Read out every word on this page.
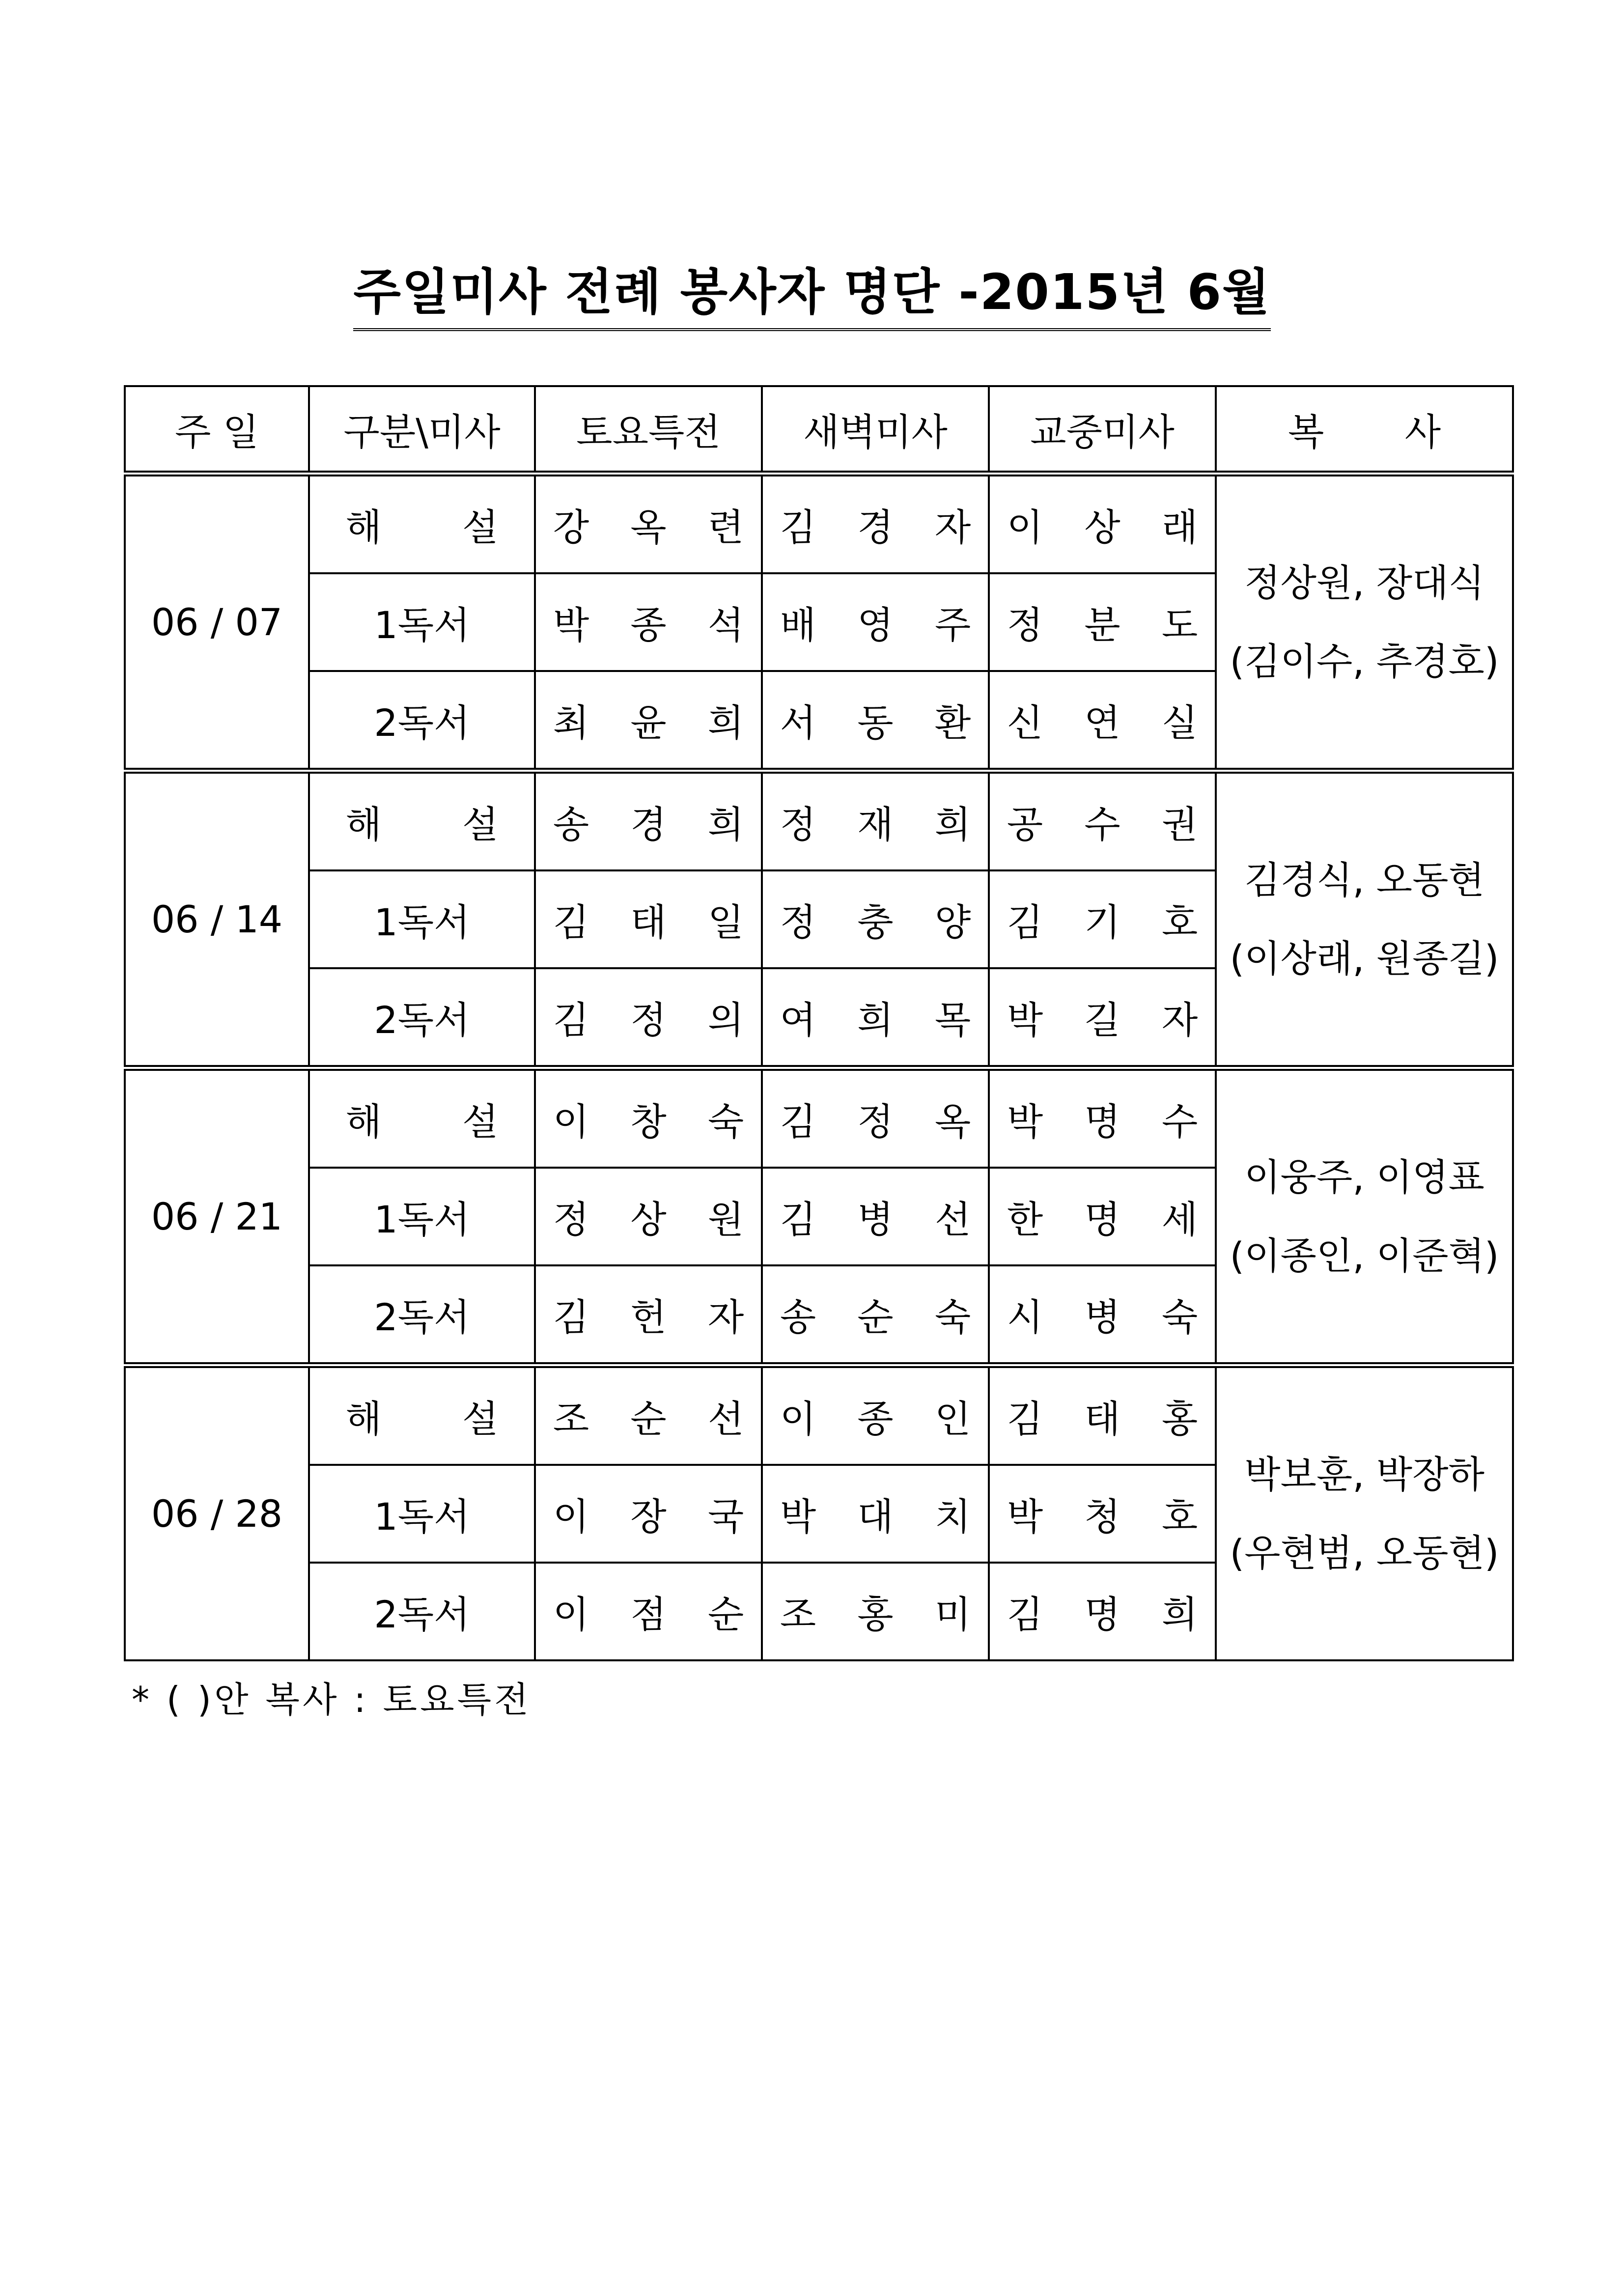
주일미사 전례 봉사자 명단 -2015년 6월
주 일	구분\미사	토요특전	새벽미사	교중미사	복 사
06 / 07	해 설	강 옥 련	김 경 자	이 상 래	정상원, 장대식
(김이수, 추경호)

	1독서	박 종 석	배 영 주	정 분 도	
	2독서	최 윤 희	서 동 환	신 연 실	
06 / 14	해 설	송 경 희	정 재 희	공 수 권	김경식, 오동현
(이상래, 원종길)

	1독서	김 태 일	정 충 양	김 기 호	
	2독서	김 정 의	여 희 목	박 길 자	
06 / 21	해 설	이 창 숙	김 정 옥	박 명 수	이웅주, 이영표
(이종인, 이준혁)

	1독서	정 상 원	김 병 선	한 명 세	
	2독서	김 헌 자	송 순 숙	시 병 숙	
06 / 28	해 설	조 순 선	이 종 인	김 태 홍	박보훈, 박장하
(우현범, 오동현)

	1독서	이 장 국	박 대 치	박 청 호	
	2독서	이 점 순	조 홍 미	김 명 희	
* ( )안 복사 : 토요특전
